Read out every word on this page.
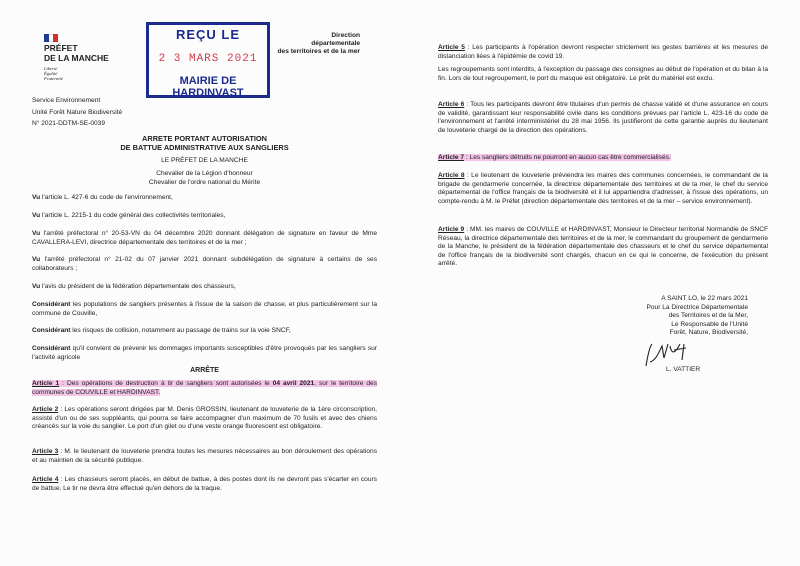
PRÉFET
DE LA MANCHE
Liberté
Égalité
Fraternité
REÇU LE
2 3 MARS 2021
MAIRIE DE HARDINVAST
Direction
départementale
des territoires et de la mer
Service Environnement
Unité Forêt Nature Biodiversité
N° 2021-DDTM-SE-0039
ARRETE PORTANT AUTORISATION
DE BATTUE ADMINISTRATIVE AUX SANGLIERS
LE PRÉFET DE LA MANCHE
Chevalier de la Légion d'honneur
Chevalier de l'ordre national du Mérite
Vu l'article L. 427-6 du code de l'environnement,
Vu l'article L. 2215-1 du code général des collectivités territoriales,
Vu l'arrêté préfectoral n° 20-53-VN du 04 décembre 2020 donnant délégation de signature en faveur de Mme CAVALLERA-LEVI, directrice départementale des territoires et de la mer ;
Vu l'arrêté préfectoral n° 21-02 du 07 janvier 2021 donnant subdélégation de signature à certains de ses collaborateurs ;
Vu l'avis du président de la fédération départementale des chasseurs,
Considérant les populations de sangliers présentes à l'issue de la saison de chasse, et plus particulièrement sur la commune de Couville,
Considérant les risques de collision, notamment au passage de trains sur la voie SNCF,
Considérant qu'il convient de prévenir les dommages importants susceptibles d'être provoqués par les sangliers sur l'activité agricole
ARRÊTE
Article 1 : Des opérations de destruction à tir de sangliers sont autorisées le 04 avril 2021, sur le territoire des communes de COUVILLE et HARDINVAST.
Article 2 : Les opérations seront dirigées par M. Denis GROSSIN, lieutenant de louveterie de la 1ère circonscription, assisté d'un ou de ses suppléants, qui pourra se faire accompagner d'un maximum de 70 fusils et avec des chiens créancés sur la voie du sanglier. Le port d'un gilet ou d'une veste orange fluorescent est obligatoire.
Article 3 : M. le lieutenant de louveterie prendra toutes les mesures nécessaires au bon déroulement des opérations et au maintien de la sécurité publique.
Article 4 : Les chasseurs seront placés, en début de battue, à des postes dont ils ne devront pas s'écarter en cours de battue. Le tir ne devra être effectué qu'en dehors de la traque.
Article 5 : Les participants à l'opération devront respecter strictement les gestes barrières et les mesures de distanciation liées à l'épidémie de covid 19.
Les regroupements sont interdits, à l'exception du passage des consignes au début de l'opération et du bilan à la fin. Lors de tout regroupement, le port du masque est obligatoire. Le prêt du matériel est exclu.
Article 6 : Tous les participants devront être titulaires d'un permis de chasse validé et d'une assurance en cours de validité, garantissant leur responsabilité civile dans les conditions prévues par l'article L. 423-16 du code de l'environnement et l'arrêté interministériel du 28 mai 1956. Ils justifieront de cette garantie auprès du lieutenant de louveterie chargé de la direction des opérations.
Article 7 : Les sangliers détruits ne pourront en aucun cas être commercialisés.
Article 8 : Le lieutenant de louveterie préviendra les maires des communes concernées, le commandant de la brigade de gendarmerie concernée, la directrice départementale des territoires et de la mer, le chef du service départemental de l'office français de la biodiversité et il lui appartiendra d'adresser, à l'issue des opérations, un compte-rendu à M. le Préfet (direction départementale des territoires et de la mer – service environnement).
Article 9 : MM. les maires de COUVILLE et HARDINVAST, Monsieur le Directeur territorial Normandie de SNCF Réseau, la directrice départementale des territoires et de la mer, le commandant du groupement de gendarmerie de la Manche, le président de la fédération départementale des chasseurs et le chef du service départemental de l'office français de la biodiversité sont chargés, chacun en ce qui le concerne, de l'exécution du présent arrêté.
A SAINT LO, le 22 mars 2021
Pour La Directrice Départementale
des Territoires et de la Mer,
Le Responsable de l'Unité
Forêt, Nature, Biodiversité,
L. VATTIER
